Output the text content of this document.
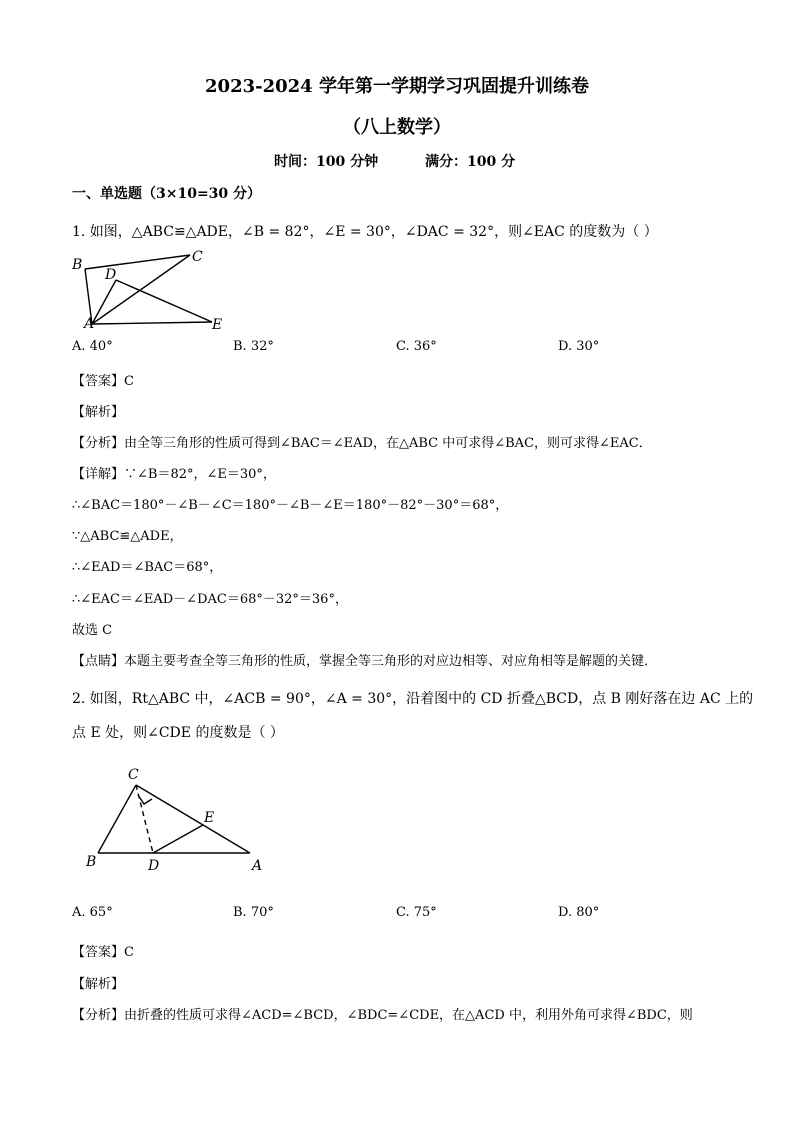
2023-2024 学年第一学期学习巩固提升训练卷
（八上数学）
时间：100 分钟	满分：100 分
一、单选题（3×10=30 分）
1. 如图，△ABC≌△ADE，∠B = 82°，∠E = 30°，∠DAC = 32°，则∠EAC 的度数为（ ）
B
D
C
A	E
A. 40°	B. 32°	C. 36°	D. 30°
【答案】C
【解析】
【分析】由全等三角形的性质可得到∠BAC＝∠EAD，在△ABC 中可求得∠BAC，则可求得∠EAC．
【详解】∵∠B＝82°，∠E＝30°，
∴∠BAC＝180°－∠B－∠C＝180°－∠B－∠E＝180°－82°－30°＝68°，
∵△ABC≌△ADE，
∴∠EAD＝∠BAC＝68°，
∴∠EAC＝∠EAD－∠DAC＝68°－32°＝36°，
故选 C
【点睛】本题主要考查全等三角形的性质，掌握全等三角形的对应边相等、对应角相等是解题的关键．
2. 如图，Rt△ABC 中，∠ACB = 90°，∠A = 30°，沿着图中的 CD 折叠△BCD，点 B 刚好落在边 AC 上的
点 E 处，则∠CDE 的度数是（ ）
C
E
B	D	A
A. 65°	B. 70°	C. 75°	D. 80°
【答案】C
【解析】
【分析】由折叠的性质可求得∠ACD=∠BCD，∠BDC=∠CDE，在△ACD 中，利用外角可求得∠BDC，则
